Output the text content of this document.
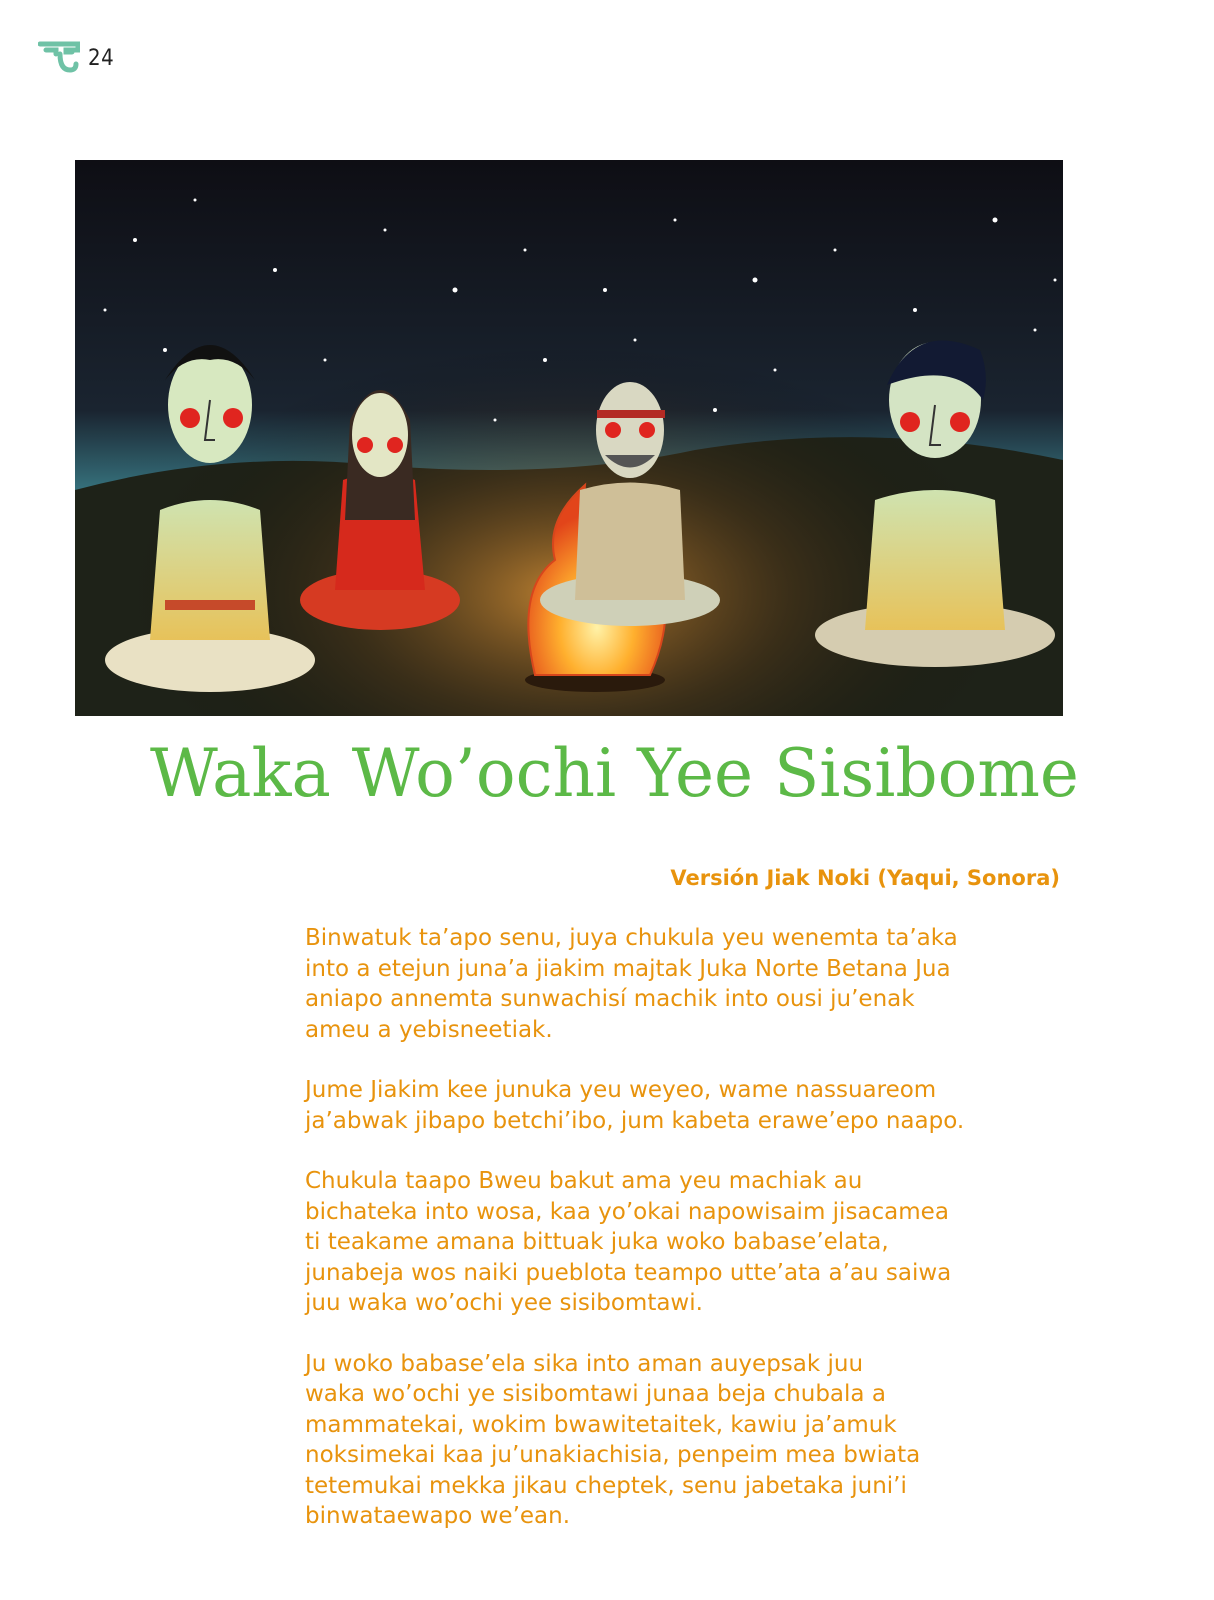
24
Waka Wo’ochi Yee Sisibome

Versión Jiak Noki (Yaqui, Sonora)

Binwatuk ta’apo senu, juya chukula yeu wenemta ta’aka
into a etejun juna’a jiakim majtak Juka Norte Betana Jua
aniapo annemta sunwachisí machik into ousi ju’enak
ameu a yebisneetiak.

Jume Jiakim kee junuka yeu weyeo, wame nassuareom
ja’abwak jibapo betchi’ibo, jum kabeta erawe’epo naapo.

Chukula taapo Bweu bakut ama yeu machiak au
bichateka into wosa, kaa yo’okai napowisaim jisacamea
ti teakame amana bittuak juka woko babase’elata,
junabeja wos naiki pueblota teampo utte’ata a’au saiwa
juu waka wo’ochi yee sisibomtawi.

Ju woko babase’ela sika into aman auyepsak juu
waka wo’ochi ye sisibomtawi junaa beja chubala a
mammatekai, wokim bwawitetaitek, kawiu ja’amuk
noksimekai kaa ju’unakiachisia, penpeim mea bwiata
tetemukai mekka jikau cheptek, senu jabetaka juni’i
binwataewapo we’ean.
